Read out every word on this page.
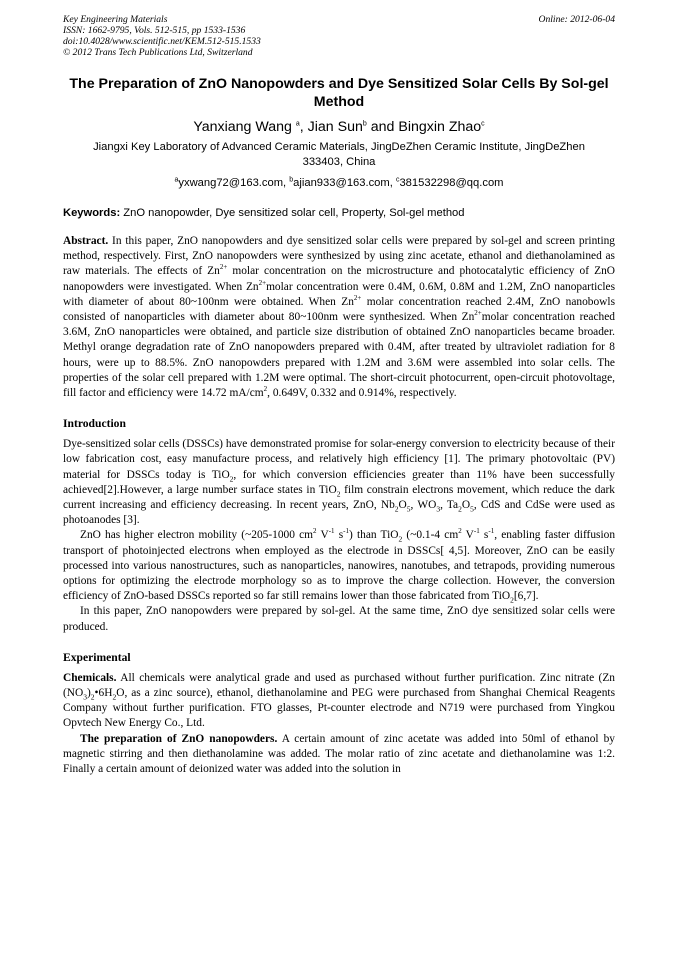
Key Engineering Materials
ISSN: 1662-9795, Vols. 512-515, pp 1533-1536
doi:10.4028/www.scientific.net/KEM.512-515.1533
© 2012 Trans Tech Publications Ltd, Switzerland
Online: 2012-06-04
The Preparation of ZnO Nanopowders and Dye Sensitized Solar Cells By Sol-gel Method
Yanxiang Wang $^a$, Jian Sun$^b$ and Bingxin Zhao$^c$
Jiangxi Key Laboratory of Advanced Ceramic Materials, JingDeZhen Ceramic Institute, JingDeZhen
333403, China
$^a$yxwang72@163.com, $^b$ajian933@163.com, $^c$381532298@qq.com
Keywords: ZnO nanopowder, Dye sensitized solar cell, Property, Sol-gel method
Abstract. In this paper, ZnO nanopowders and dye sensitized solar cells were prepared by sol-gel and screen printing method, respectively. First, ZnO nanopowders were synthesized by using zinc acetate, ethanol and diethanolamined as raw materials. The effects of $Zn^{2+}$ molar concentration on the microstructure and photocatalytic efficiency of ZnO nanopowders were investigated. When $Zn^{2+}molar$ concentration were 0.4M, 0.6M, 0.8M and 1.2M, ZnO nanoparticles with diameter of about 80~100nm were obtained. When $Zn^{2+}$ molar concentration reached 2.4M, ZnO nanobowls consisted of nanoparticles with diameter about 80~100nm were synthesized. When $Zn^{2+}molar$ concentration reached 3.6M, ZnO nanoparticles were obtained, and particle size distribution of obtained ZnO nanoparticles became broader. Methyl orange degradation rate of ZnO nanopowders prepared with 0.4M, after treated by ultraviolet radiation for 8 hours, were up to 88.5%. ZnO nanopowders prepared with 1.2M and 3.6M were assembled into solar cells. The properties of the solar cell prepared with 1.2M were optimal. The short-circuit photocurrent, open-circuit photovoltage, fill factor and efficiency were 14.72 $mA/cm^2$, 0.649V, 0.332 and 0.914%, respectively.
Introduction

Dye-sensitized solar cells (DSSCs) have demonstrated promise for solar-energy conversion to electricity because of their low fabrication cost, easy manufacture process, and relatively high efficiency [1]. The primary photovoltaic (PV) material for DSSCs today is TiO$_2$, for which conversion efficiencies greater than 11% have been successfully achieved[2].However, a large number surface states in TiO$_2$ film constrain electrons movement, which reduce the dark current increasing and efficiency decreasing. In recent years, ZnO, $Nb_2O_5$, $WO_3$, $Ta_2O_5$, CdS and CdSe were used as photoanodes [3].

ZnO has higher electron mobility (~205-1000 $cm^2$ $V^{-1}$ $s^{-1}$) than TiO$_2$ (~0.1-4 $cm^2$ $V^{-1}$ $s^{-1}$, enabling faster diffusion transport of photoinjected electrons when employed as the electrode in DSSCs[ 4,5]. Moreover, ZnO can be easily processed into various nanostructures, such as nanoparticles, nanowires, nanotubes, and tetrapods, providing numerous options for optimizing the electrode morphology so as to improve the charge collection. However, the conversion efficiency of ZnO-based DSSCs reported so far still remains lower than those fabricated from TiO$_2$[6,7].

In this paper, ZnO nanopowders were prepared by sol-gel. At the same time, ZnO dye sensitized solar cells were produced.

Experimental

Chemicals. All chemicals were analytical grade and used as purchased without further purification. Zinc nitrate (Zn $(NO_3)_2•6H_2O$, as a zinc source), ethanol, diethanolamine and PEG were purchased from Shanghai Chemical Reagents Company without further purification. FTO glasses, Pt-counter electrode and N719 were purchased from Yingkou Opvtech New Energy Co., Ltd.

The preparation of ZnO nanopowders. A certain amount of zinc acetate was added into 50ml of ethanol by magnetic stirring and then diethanolamine was added. The molar ratio of zinc acetate and diethanolamine was 1:2. Finally a certain amount of deionized water was added into the solution in
